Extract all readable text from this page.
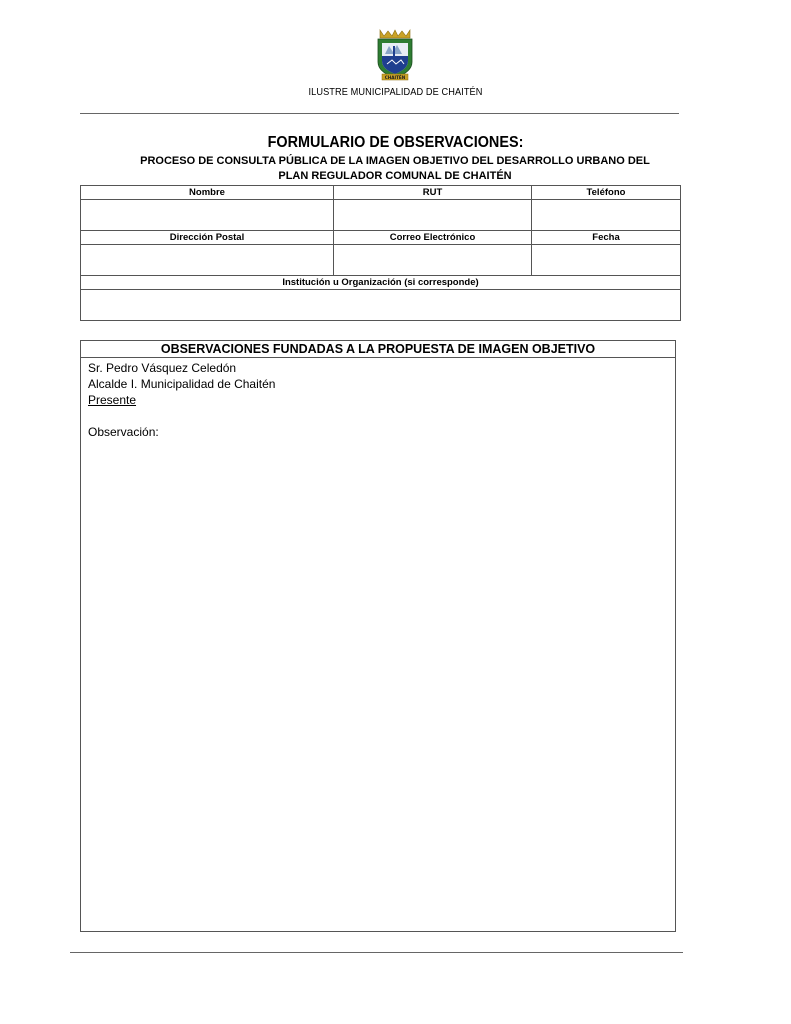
CHAITÉN
ILUSTRE MUNICIPALIDAD DE CHAITÉN
FORMULARIO DE OBSERVACIONES:
PROCESO DE CONSULTA PÚBLICA DE LA IMAGEN OBJETIVO DEL DESARROLLO URBANO DEL
PLAN REGULADOR COMUNAL DE CHAITÉN
Nombre	RUT	Teléfono

Dirección Postal	Correo Electrónico	Fecha

Institución u Organización (si corresponde)		

OBSERVACIONES FUNDADAS A LA PROPUESTA DE IMAGEN OBJETIVO
Sr. Pedro Vásquez Celedón
Alcalde I. Municipalidad de Chaitén
Presente
Observación:
